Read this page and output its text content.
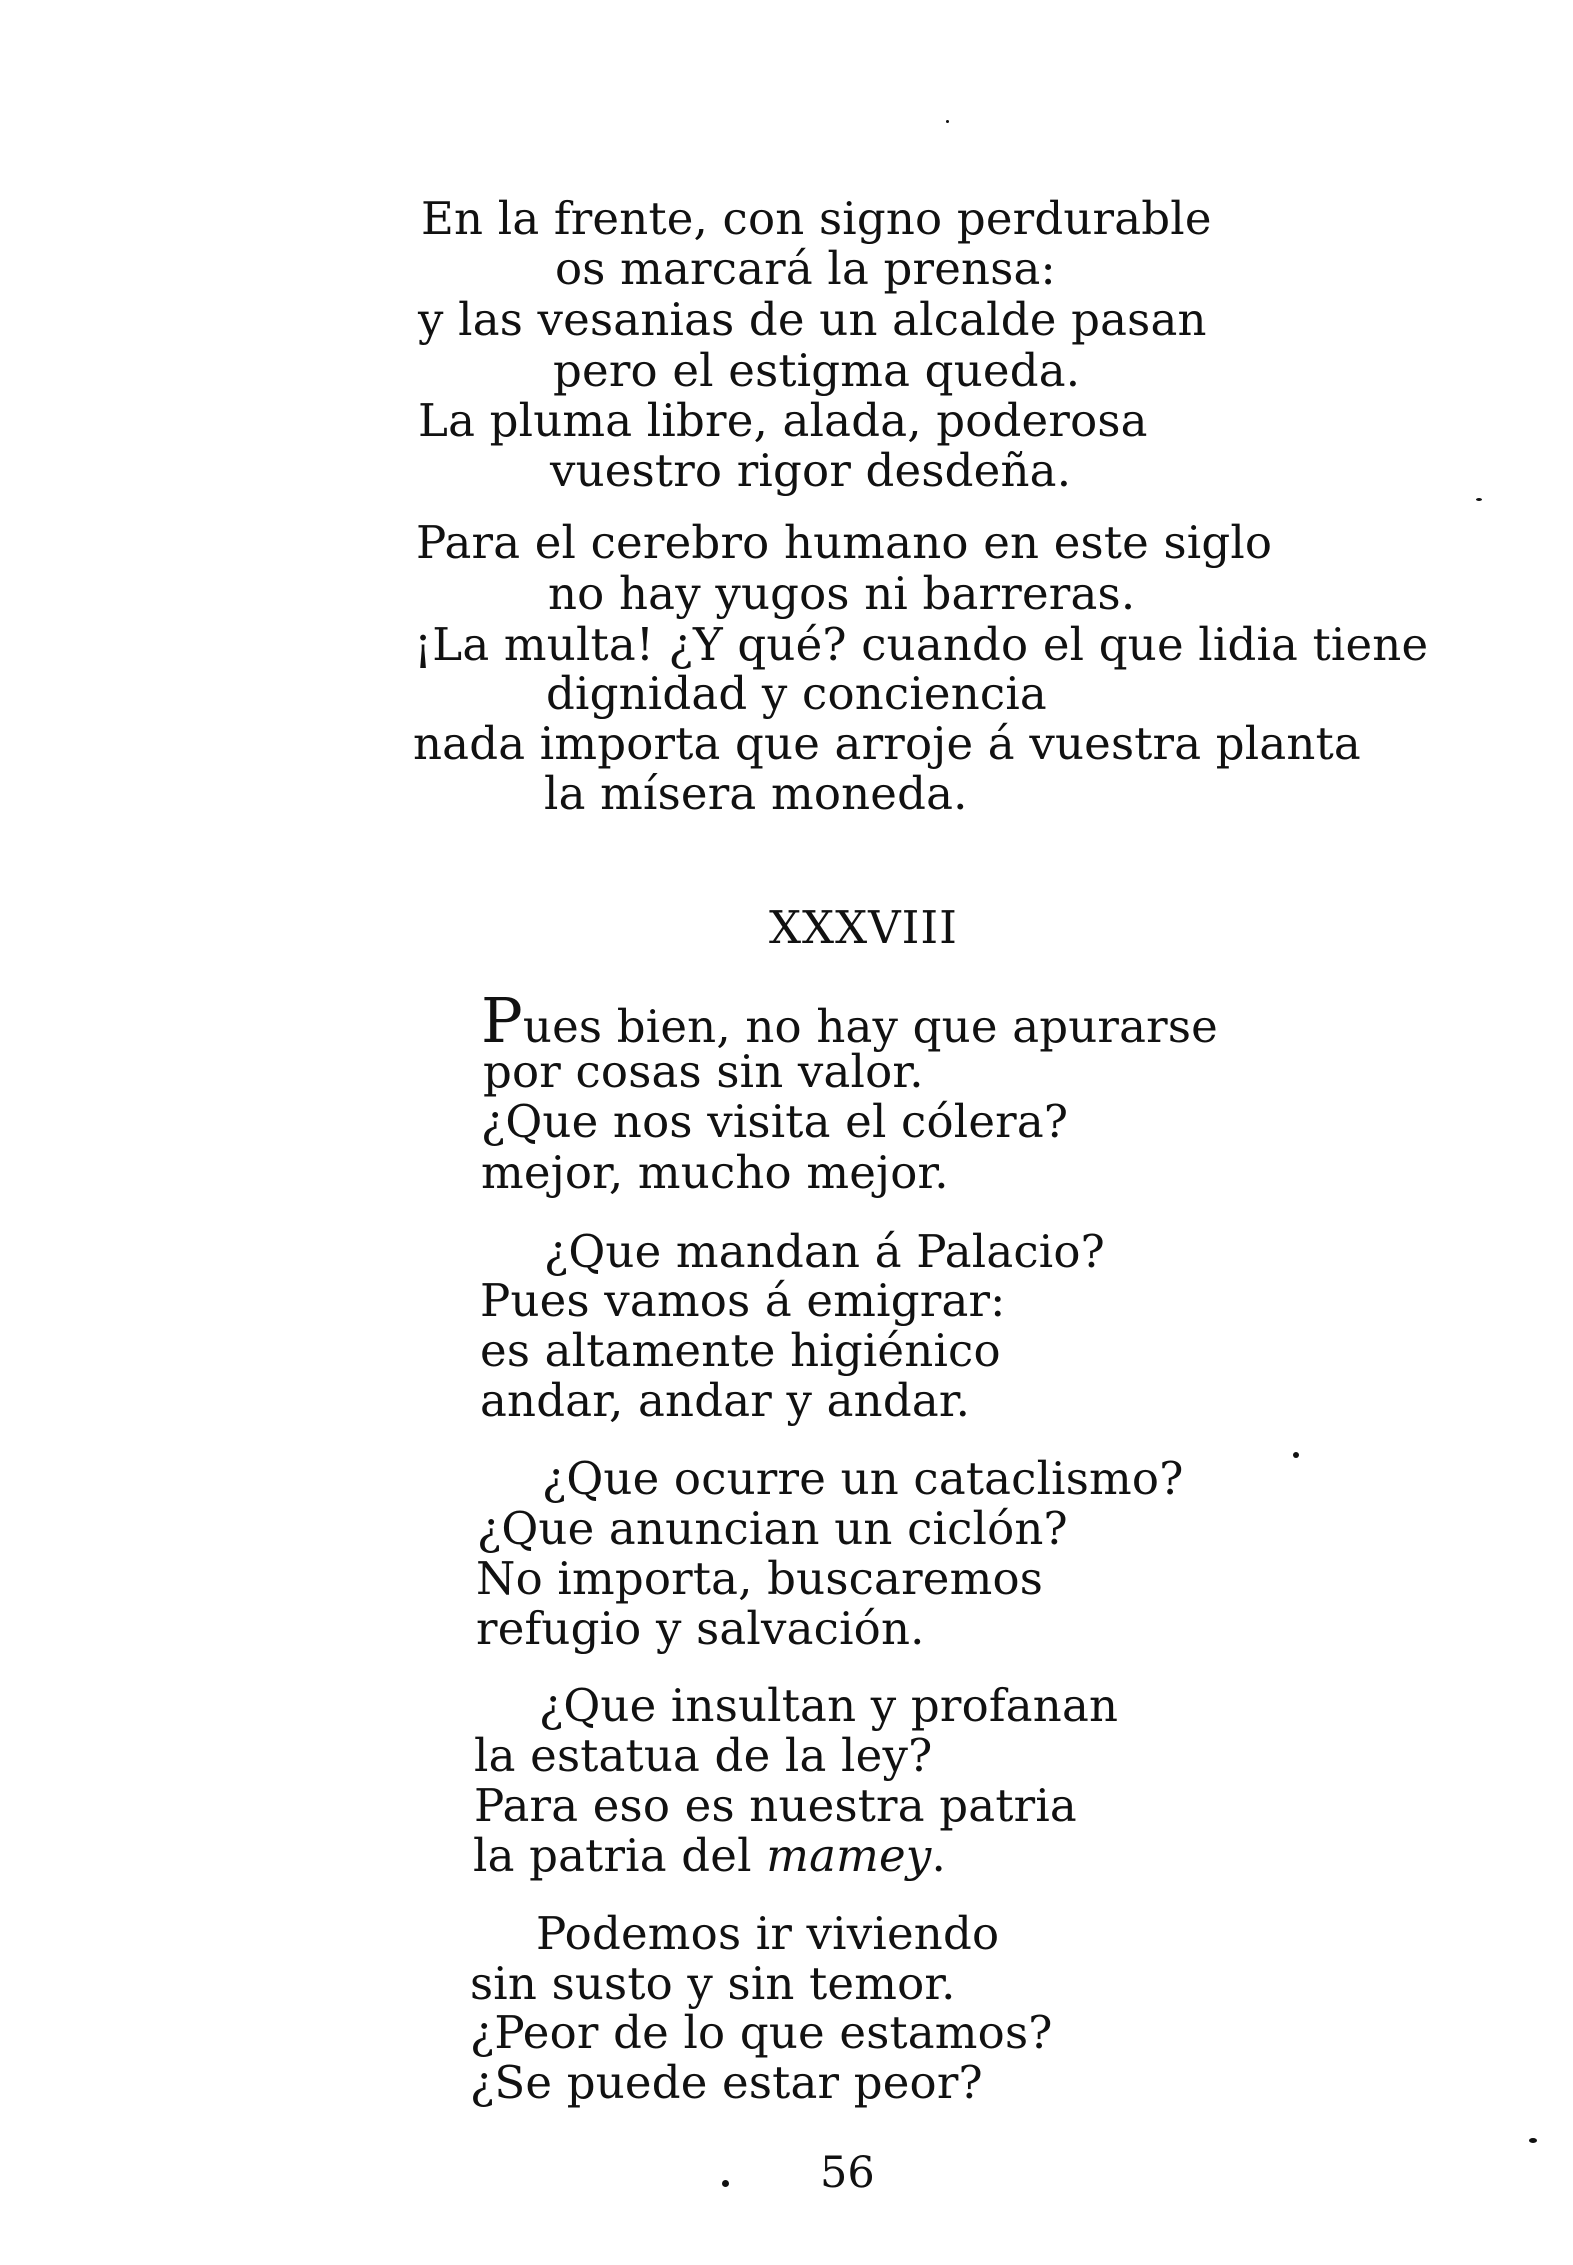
En la frente, con signo perdurable
os marcará la prensa:
y las vesanias de un alcalde pasan
pero el estigma queda.
La pluma libre, alada, poderosa
vuestro rigor desdeña.
Para el cerebro humano en este siglo
no hay yugos ni barreras.
¡La multa! ¿Y qué? cuando el que lidia tiene
dignidad y conciencia
nada importa que arroje á vuestra planta
la mísera moneda.
XXXVIII
Pues bien, no hay que apurarse
por cosas sin valor.
¿Que nos visita el cólera?
mejor, mucho mejor.
¿Que mandan á Palacio?
Pues vamos á emigrar:
es altamente higiénico
andar, andar y andar.
¿Que ocurre un cataclismo?
¿Que anuncian un ciclón?
No importa, buscaremos
refugio y salvación.
¿Que insultan y profanan
la estatua de la ley?
Para eso es nuestra patria
la patria del mamey.
Podemos ir viviendo
sin susto y sin temor.
¿Peor de lo que estamos?
¿Se puede estar peor?
56
